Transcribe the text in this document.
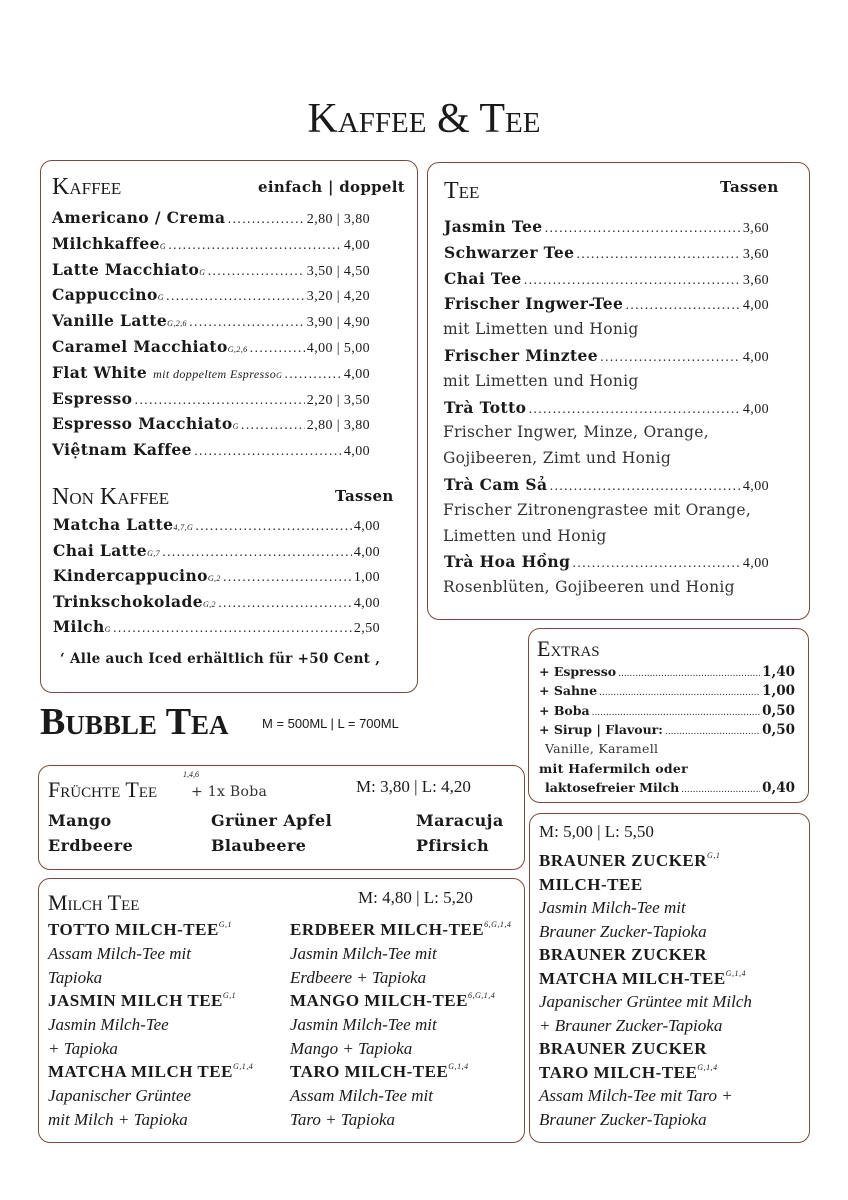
Kaffee & Tee
Kaffee	einfach | doppelt
Americano / Crema .....	2,80 | 3,80
Milchkaffee G .....	4,00
Latte Macchiato G .....	3,50 | 4,50
Cappuccino G .....	3,20 | 4,20
Vanille Latte G,2,6 .....	3,90 | 4,90
Caramel Macchiato G,2,6 .....	4,00 | 5,00
Flat White mit doppeltem Espresso G .....	4,00
Espresso .....	2,20 | 3,50
Espresso Macchiato G .....	2,80 | 3,80
Việtnam Kaffee .....	4,00
Non Kaffee	Tassen
Matcha Latte 4,7,G .....	4,00
Chai Latte G,7 .....	4,00
Kindercappucino G,2 .....	1,00
Trinkschokolade G,2 .....	4,00
Milch G .....	2,50
‘ Alle auch Iced erhältlich für +50 Cent ,
Tee	Tassen
Jasmin Tee .....	3,60
Schwarzer Tee .....	3,60
Chai Tee .....	3,60
Frischer Ingwer-Tee .....	4,00
mit Limetten und Honig
Frischer Minztee .....	4,00
mit Limetten und Honig
Trà Totto .....	4,00
Frischer Ingwer, Minze, Orange,
Gojibeeren, Zimt und Honig
Trà Cam Sả .....	4,00
Frischer Zitronengrastee mit Orange,
Limetten und Honig
Trà Hoa Hồng .....	4,00
Rosenblüten, Gojibeeren und Honig
Extras
+ Espresso .....	1,40
+ Sahne .....	1,00
+ Boba .....	0,50
+ Sirup | Flavour: .....	0,50
Vanille, Karamell
mit Hafermilch oder
laktosefreier Milch .....	0,40
Bubble Tea	M = 500ML | L = 700ML
Früchte Tee
1,4,6
+ 1x Boba	M: 3,80 | L: 4,20
Mango	Grüner Apfel	Maracuja
Erdbeere	Blaubeere	Pfirsich
Milch Tee	M: 4,80 | L: 5,20
TOTTO MILCH-$TEE^{G,1}$
Assam Milch-Tee mit
Tapioka
JASMIN MILCH $TEE^{G,1}$
Jasmin Milch-Tee
+ Tapioka
MATCHA MILCH $TEE^{G,1,4}$
Japanischer Grüntee
mit Milch + Tapioka
ERDBEER MILCH-$TEE^{6,G,1,4}$
Jasmin Milch-Tee mit
Erdbeere + Tapioka
MANGO MILCH-$TEE^{6,G,1,4}$
Jasmin Milch-Tee mit
Mango + Tapioka
TARO MILCH-$TEE^{G,1,4}$
Assam Milch-Tee mit
Taro + Tapioka
M: 5,00 | L: 5,50
BRAUNER $ZUCKER^{G,1}$
MILCH-TEE
Jasmin Milch-Tee mit
Brauner Zucker-Tapioka
BRAUNER ZUCKER
MATCHA MILCH-$TEE^{G,1,4}$
Japanischer Grüntee mit Milch
+ Brauner Zucker-Tapioka
BRAUNER ZUCKER
TARO MILCH-$TEE^{G,1,4}$
Assam Milch-Tee mit Taro +
Brauner Zucker-Tapioka
